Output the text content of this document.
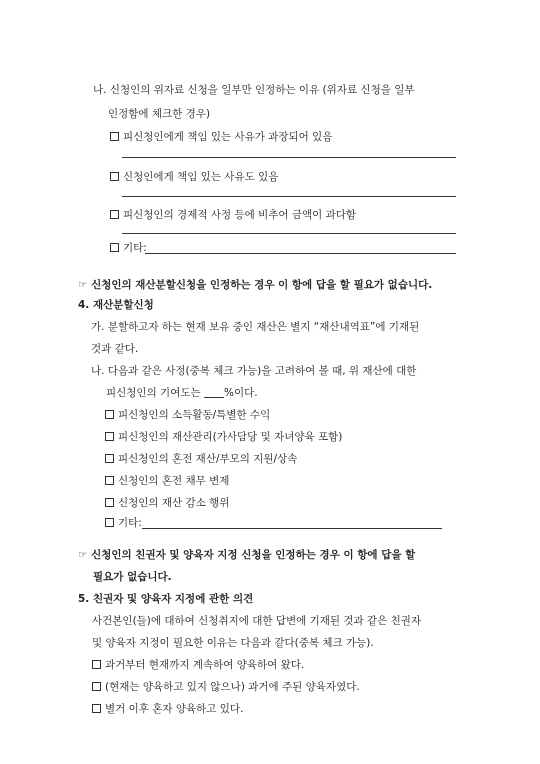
나. 신청인의 위자료 신청을 일부만 인정하는 이유 (위자료 신청을 일부
인정함에 체크한 경우)
피신청인에게 책임 있는 사유가 과장되어 있음
신청인에게 책임 있는 사유도 있음
피신청인의 경제적 사정 등에 비추어 금액이 과다함
기타:
☞ 신청인의 재산분할신청을 인정하는 경우 이 항에 답을 할 필요가 없습니다.
4. 재산분할신청
가. 분할하고자 하는 현재 보유 중인 재산은 별지 “재산내역표”에 기재된
것과 같다.
나. 다음과 같은 사정(중복 체크 가능)을 고려하여 볼 때, 위 재산에 대한
피신청인의 기여도는 %이다.
피신청인의 소득활동/특별한 수익
피신청인의 재산관리(가사담당 및 자녀양육 포함)
피신청인의 혼전 재산/부모의 지원/상속
신청인의 혼전 채무 변제
신청인의 재산 감소 행위
기타:
☞ 신청인의 친권자 및 양육자 지정 신청을 인정하는 경우 이 항에 답을 할
필요가 없습니다.
5. 친권자 및 양육자 지정에 관한 의견
사건본인(들)에 대하여 신청취지에 대한 답변에 기재된 것과 같은 친권자
및 양육자 지정이 필요한 이유는 다음과 같다(중복 체크 가능).
과거부터 현재까지 계속하여 양육하여 왔다.
(현재는 양육하고 있지 않으나) 과거에 주된 양육자였다.
별거 이후 혼자 양육하고 있다.
